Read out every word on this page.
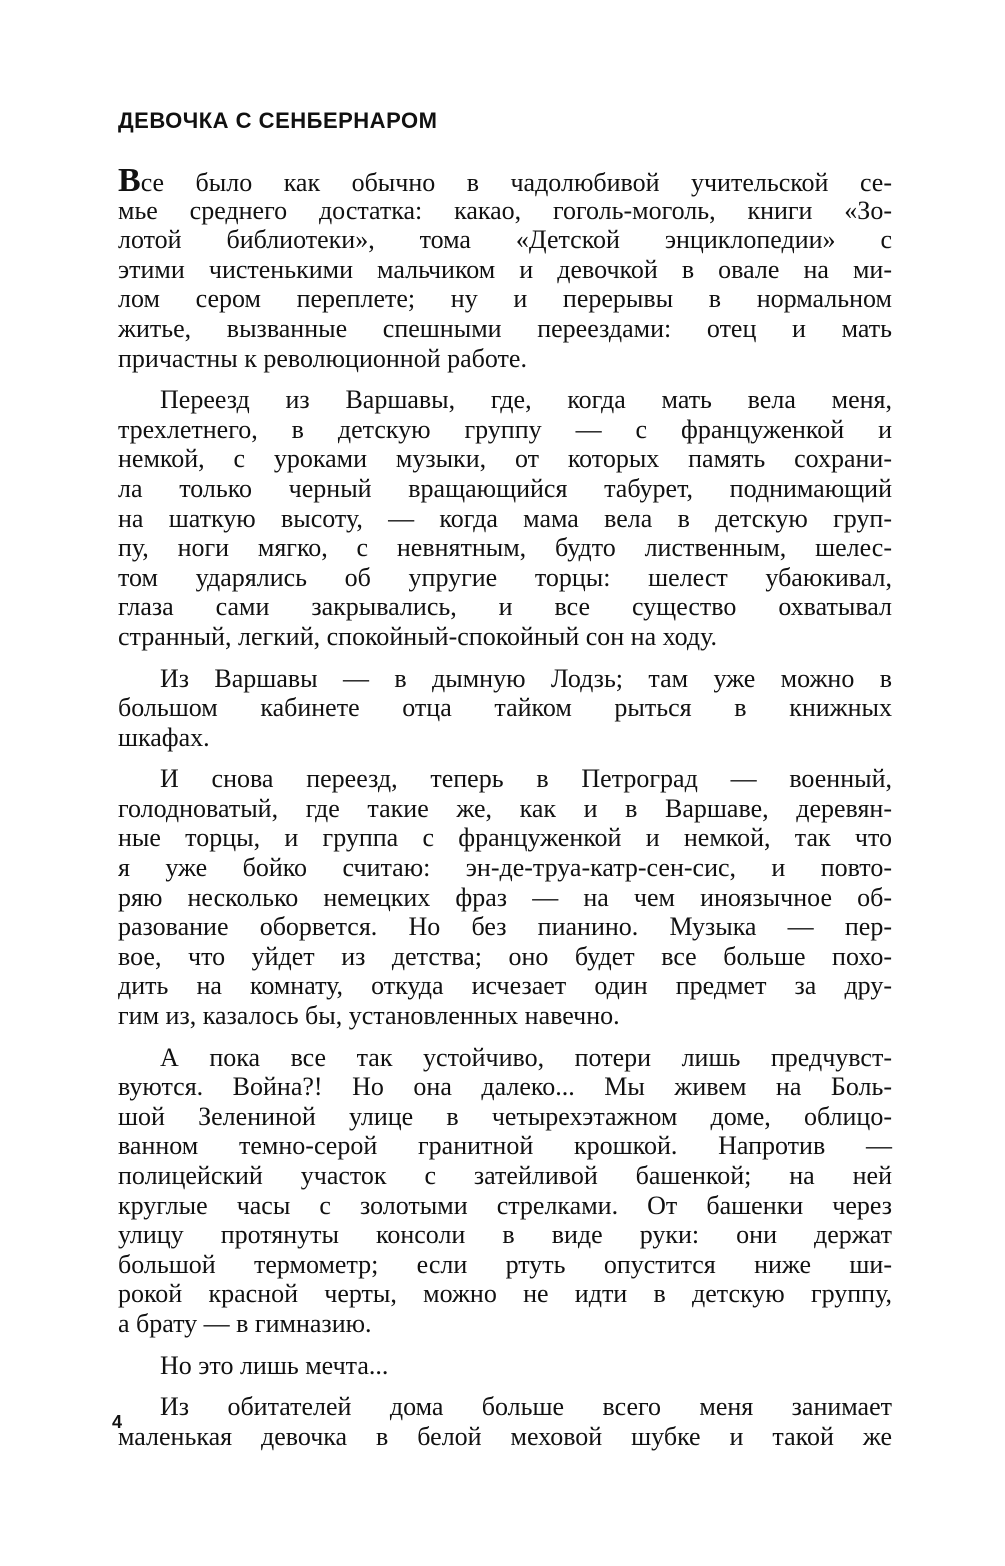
ДЕВОЧКА С СЕНБЕРНАРОМ
Все было как обычно в чадолюбивой учительской се-
мье среднего достатка: какао, гоголь-моголь, книги «Зо-
лотой библиотеки», тома «Детской энциклопедии» с
этими чистенькими мальчиком и девочкой в овале на ми-
лом сером переплете; ну и перерывы в нормальном
житье, вызванные спешными переездами: отец и мать
причастны к революционной работе.
Переезд из Варшавы, где, когда мать вела меня,
трехлетнего, в детскую группу — с француженкой и
немкой, с уроками музыки, от которых память сохрани-
ла только черный вращающийся табурет, поднимающий
на шаткую высоту, — когда мама вела в детскую груп-
пу, ноги мягко, с невнятным, будто лиственным, шелес-
том ударялись об упругие торцы: шелест убаюкивал,
глаза сами закрывались, и все существо охватывал
странный, легкий, спокойный-спокойный сон на ходу.
Из Варшавы — в дымную Лодзь; там уже можно в
большом кабинете отца тайком рыться в книжных
шкафах.
И снова переезд, теперь в Петроград — военный,
голодноватый, где такие же, как и в Варшаве, деревян-
ные торцы, и группа с француженкой и немкой, так что
я уже бойко считаю: эн-де-труа-катр-сен-сис, и повто-
ряю несколько немецких фраз — на чем иноязычное об-
разование оборвется. Но без пианино. Музыка — пер-
вое, что уйдет из детства; оно будет все больше похо-
дить на комнату, откуда исчезает один предмет за дру-
гим из, казалось бы, установленных навечно.
А пока все так устойчиво, потери лишь предчувст-
вуются. Война?! Но она далеко... Мы живем на Боль-
шой Зелениной улице в четырехэтажном доме, облицо-
ванном темно-серой гранитной крошкой. Напротив —
полицейский участок с затейливой башенкой; на ней
круглые часы с золотыми стрелками. От башенки через
улицу протянуты консоли в виде руки: они держат
большой термометр; если ртуть опустится ниже ши-
рокой красной черты, можно не идти в детскую группу,
а брату — в гимназию.
Но это лишь мечта...
Из обитателей дома больше всего меня занимает
маленькая девочка в белой меховой шубке и такой же
4
